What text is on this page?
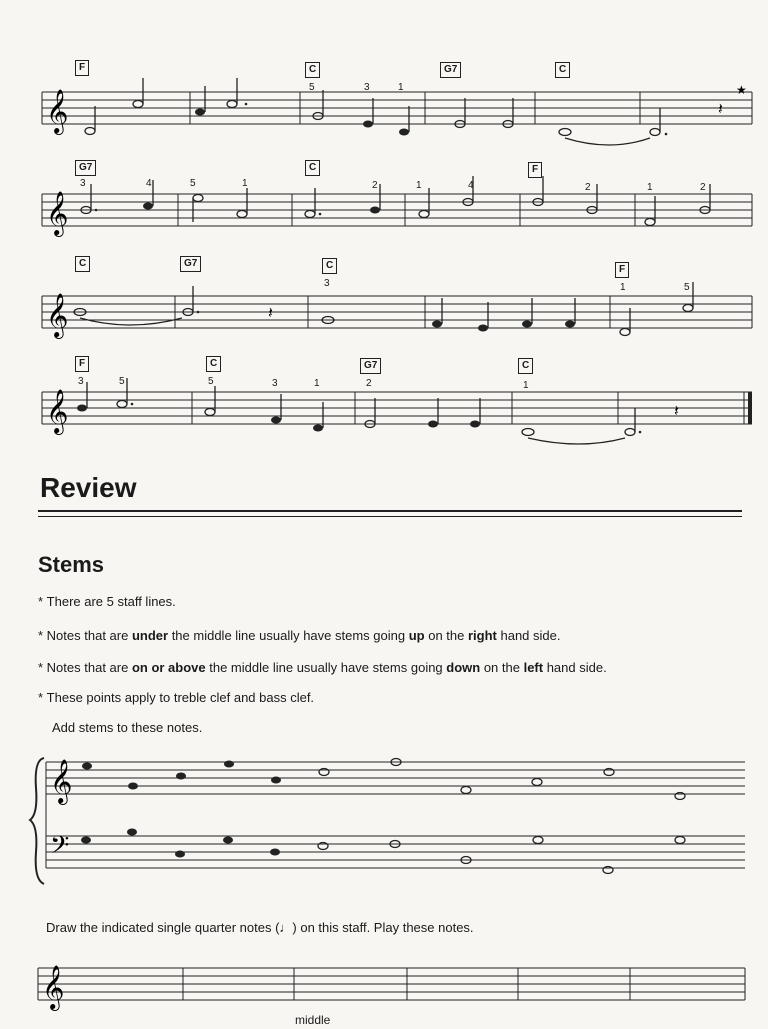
𝄞	𝄽
★
F	C	G7	C
5	3	1
𝄞
G7	C	F
3	4	5	1	2	1	4	2	1	2
𝄞	𝄽
C	G7	C	F
3	1	5
𝄞	𝄽
F	C	G7	C
3	5	5	3	1	2	1
Review
Stems
* There are 5 staff lines.
* Notes that are under the middle line usually have stems going up on the right hand side.
* Notes that are on or above the middle line usually have stems going down on the left hand side.
* These points apply to treble clef and bass clef.
Add stems to these notes.
𝄞
𝄢
Draw the indicated single quarter notes (♩) on this staff. Play these notes.
𝄞
middle
